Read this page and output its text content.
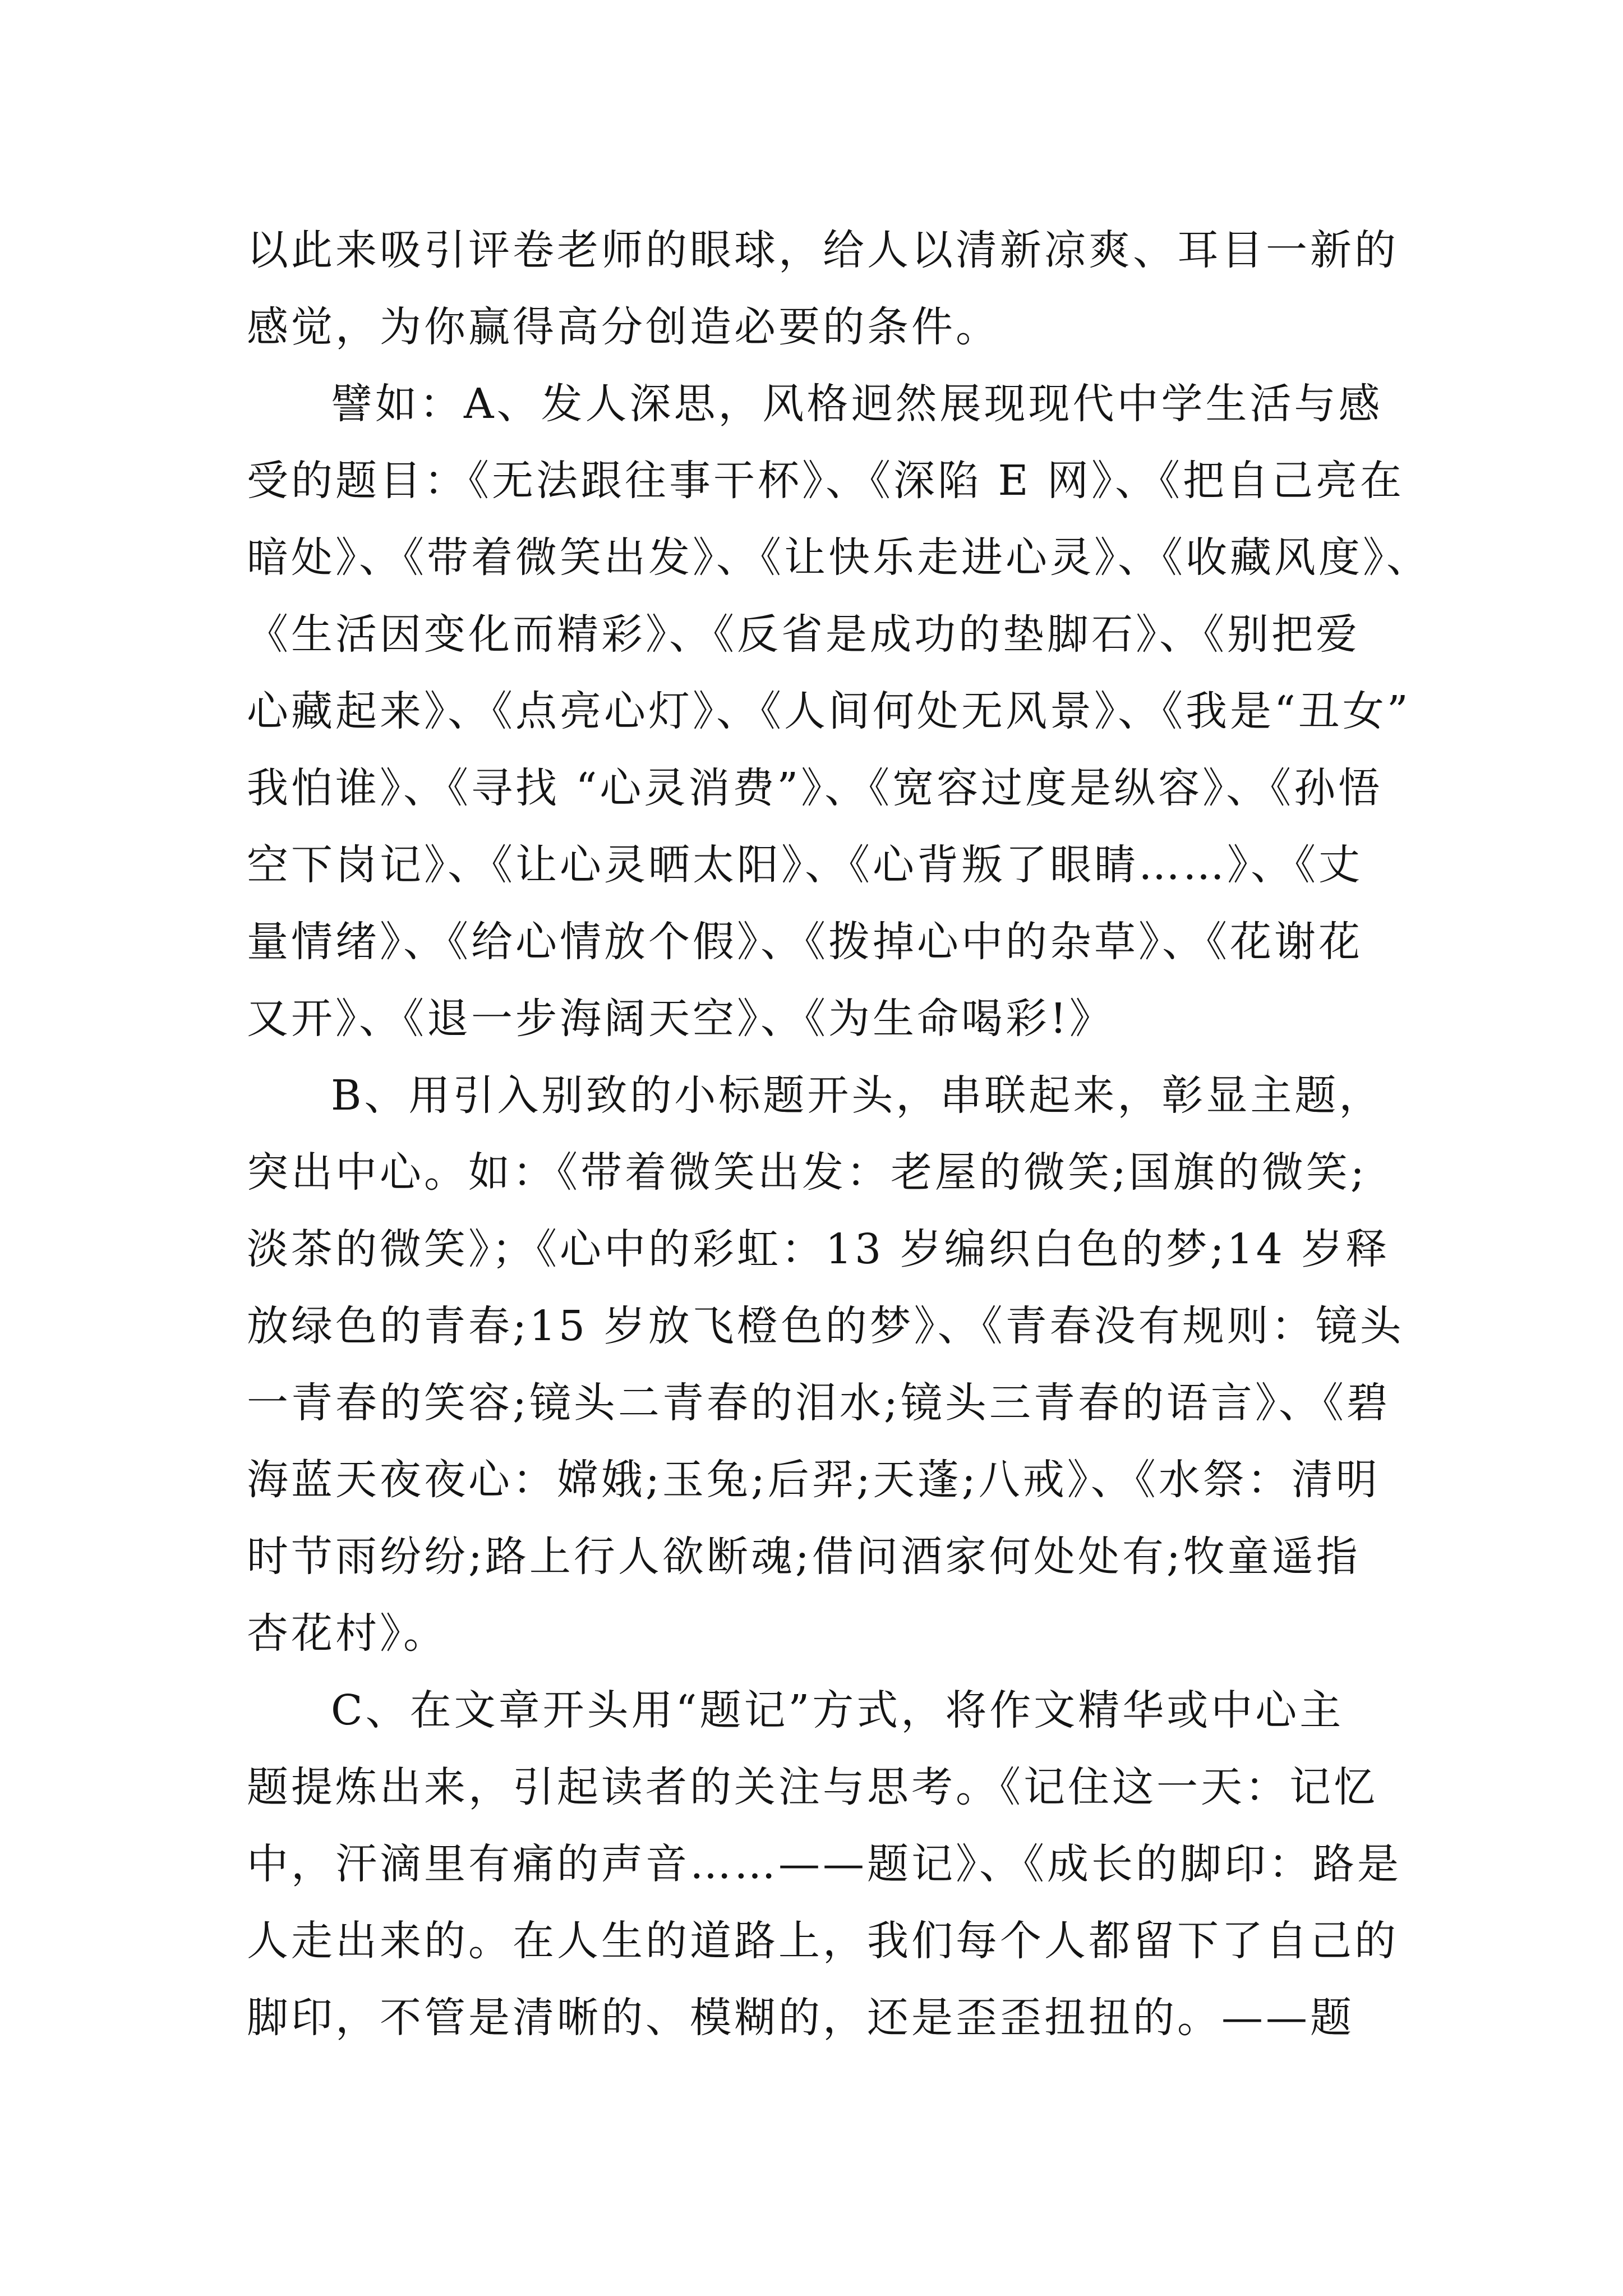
以此来吸引评卷老师的眼球，给人以清新凉爽、耳目一新的
感觉，为你赢得高分创造必要的条件。
譬如：A、发人深思，风格迥然展现现代中学生活与感
受的题目：《无法跟往事干杯》、《深陷 E 网》、《把自己亮在
暗处》、《带着微笑出发》、《让快乐走进心灵》、《收藏风度》、
《生活因变化而精彩》、《反省是成功的垫脚石》、《别把爱
心藏起来》、《点亮心灯》、《人间何处无风景》、《我是“丑女”
我怕谁》、《寻找 “心灵消费”》、《宽容过度是纵容》、《孙悟
空下岗记》、《让心灵晒太阳》、《心背叛了眼睛……》、《丈
量情绪》、《给心情放个假》、《拨掉心中的杂草》、《花谢花
又开》、《退一步海阔天空》、《为生命喝彩!》
B、用引入别致的小标题开头，串联起来，彰显主题，
突出中心。如：《带着微笑出发：老屋的微笑;国旗的微笑;
淡茶的微笑》；《心中的彩虹：13 岁编织白色的梦;14 岁释
放绿色的青春;15 岁放飞橙色的梦》、《青春没有规则：镜头
一青春的笑容;镜头二青春的泪水;镜头三青春的语言》、《碧
海蓝天夜夜心：嫦娥;玉兔;后羿;天蓬;八戒》、《水祭：清明
时节雨纷纷;路上行人欲断魂;借问酒家何处处有;牧童遥指
杏花村》。
C、在文章开头用“题记”方式，将作文精华或中心主
题提炼出来，引起读者的关注与思考。《记住这一天：记忆
中，汗滴里有痛的声音……——题记》、《成长的脚印：路是
人走出来的。在人生的道路上，我们每个人都留下了自己的
脚印，不管是清晰的、模糊的，还是歪歪扭扭的。——题
